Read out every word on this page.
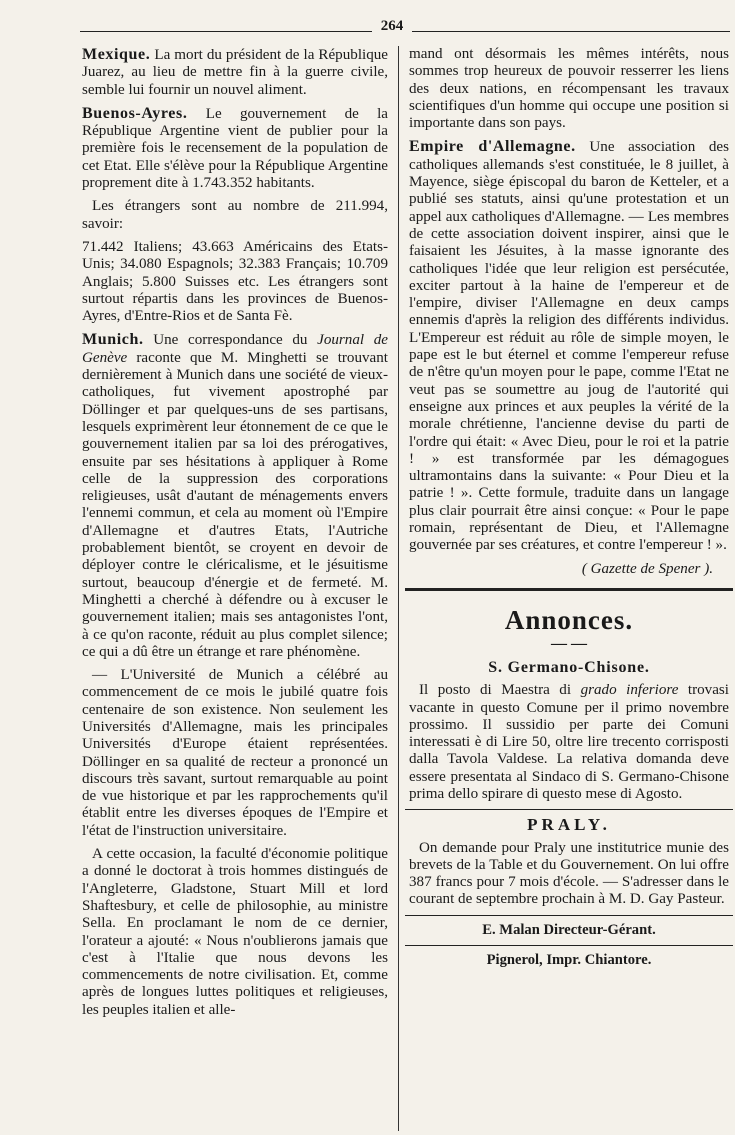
264

Mexique. La mort du président de la République Juarez, au lieu de mettre fin à la guerre civile, semble lui fournir un nouvel aliment.

Buenos-Ayres. Le gouvernement de la République Argentine vient de publier pour la première fois le recensement de la population de cet Etat. Elle s'élève pour la République Argentine proprement dite à 1.743.352 habitants.

Les étrangers sont au nombre de 211.994, savoir:

71.442 Italiens; 43.663 Américains des Etats-Unis; 34.080 Espagnols; 32.383 Français; 10.709 Anglais; 5.800 Suisses etc. Les étrangers sont surtout répartis dans les provinces de Buenos-Ayres, d'Entre-Rios et de Santa Fè.

Munich. Une correspondance du Journal de Genève raconte que M. Minghetti se trouvant dernièrement à Munich dans une société de vieux-catholiques, fut vivement apostrophé par Döllinger et par quelques-uns de ses partisans, lesquels exprimèrent leur étonnement de ce que le gouvernement italien par sa loi des prérogatives, ensuite par ses hésitations à appliquer à Rome celle de la suppression des corporations religieuses, usât d'autant de ménagements envers l'ennemi commun, et cela au moment où l'Empire d'Allemagne et d'autres Etats, l'Autriche probablement bientôt, se croyent en devoir de déployer contre le cléricalisme, et le jésuitisme surtout, beaucoup d'énergie et de fermeté. M. Minghetti a cherché à défendre ou à excuser le gouvernement italien; mais ses antagonistes l'ont, à ce qu'on raconte, réduit au plus complet silence; ce qui a dû être un étrange et rare phénomène.

— L'Université de Munich a célébré au commencement de ce mois le jubilé quatre fois centenaire de son existence. Non seulement les Universités d'Allemagne, mais les principales Universités d'Europe étaient représentées. Döllinger en sa qualité de recteur a prononcé un discours très savant, surtout remarquable au point de vue historique et par les rapprochements qu'il établit entre les diverses époques de l'Empire et l'état de l'instruction universitaire.

A cette occasion, la faculté d'économie politique a donné le doctorat à trois hommes distingués de l'Angleterre, Gladstone, Stuart Mill et lord Shaftesbury, et celle de philosophie, au ministre Sella. En proclamant le nom de ce dernier, l'orateur a ajouté: « Nous n'oublierons jamais que c'est à l'Italie que nous devons les commencements de notre civilisation. Et, comme après de longues luttes politiques et religieuses, les peuples italien et alle-

mand ont désormais les mêmes intérêts, nous sommes trop heureux de pouvoir resserrer les liens des deux nations, en récompensant les travaux scientifiques d'un homme qui occupe une position si importante dans son pays.

Empire d'Allemagne. Une association des catholiques allemands s'est constituée, le 8 juillet, à Mayence, siège épiscopal du baron de Ketteler, et a publié ses statuts, ainsi qu'une protestation et un appel aux catholiques d'Allemagne. — Les membres de cette association doivent inspirer, ainsi que le faisaient les Jésuites, à la masse ignorante des catholiques l'idée que leur religion est persécutée, exciter partout à la haine de l'empereur et de l'empire, diviser l'Allemagne en deux camps ennemis d'après la religion des différents individus. L'Empereur est réduit au rôle de simple moyen, le pape est le but éternel et comme l'empereur refuse de n'être qu'un moyen pour le pape, comme l'Etat ne veut pas se soumettre au joug de l'autorité qui enseigne aux princes et aux peuples la vérité de la morale chrétienne, l'ancienne devise du parti de l'ordre qui était: « Avec Dieu, pour le roi et la patrie ! » est transformée par les démagogues ultramontains dans la suivante: « Pour Dieu et la patrie ! ». Cette formule, traduite dans un langage plus clair pourrait être ainsi conçue: « Pour le pape romain, représentant de Dieu, et l'Allemagne gouvernée par ses créatures, et contre l'empereur ! ».

( Gazette de Spener ).

Annonces.

— —

S. Germano-Chisone.

Il posto di Maestra di grado inferiore trovasi vacante in questo Comune per il primo novembre prossimo. Il sussidio per parte dei Comuni interessati è di Lire 50, oltre lire trecento corrisposti dalla Tavola Valdese. La relativa domanda deve essere presentata al Sindaco di S. Germano-Chisone prima dello spirare di questo mese di Agosto.

PRALY.

On demande pour Praly une institutrice munie des brevets de la Table et du Gouvernement. On lui offre 387 francs pour 7 mois d'école. — S'adresser dans le courant de septembre prochain à M. D. Gay Pasteur.

E. Malan Directeur-Gérant.

Pignerol, Impr. Chiantore.
